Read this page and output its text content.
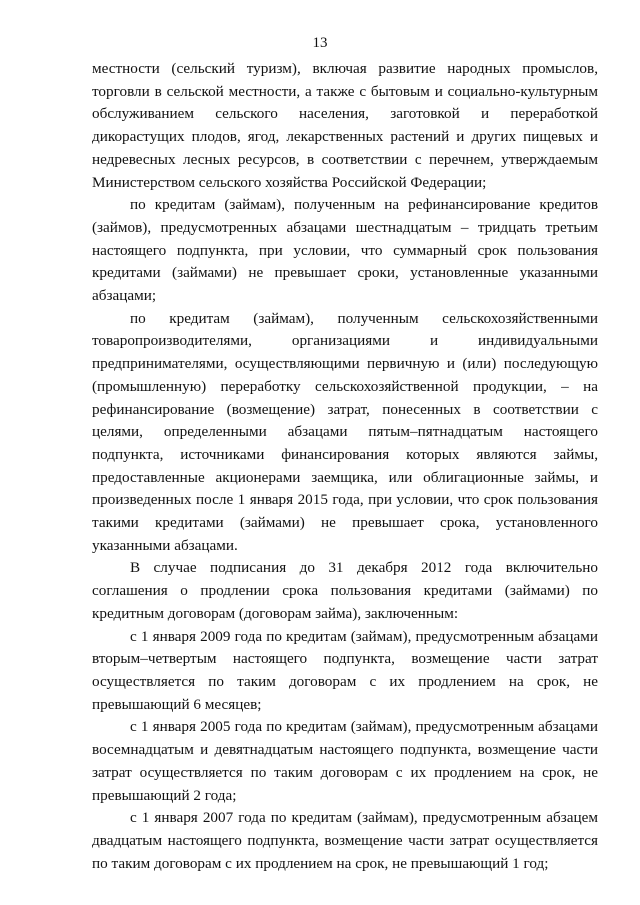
13

местности (сельский туризм), включая развитие народных промыслов, торговли в сельской местности, а также с бытовым и социально-культурным обслуживанием сельского населения, заготовкой и переработкой дикорастущих плодов, ягод, лекарственных растений и других пищевых и недревесных лесных ресурсов, в соответствии с перечнем, утверждаемым Министерством сельского хозяйства Российской Федерации;

по кредитам (займам), полученным на рефинансирование кредитов (займов), предусмотренных абзацами шестнадцатым – тридцать третьим настоящего подпункта, при условии, что суммарный срок пользования кредитами (займами) не превышает сроки, установленные указанными абзацами;

по кредитам (займам), полученным сельскохозяйственными товаропроизводителями, организациями и индивидуальными предпринимателями, осуществляющими первичную и (или) последующую (промышленную) переработку сельскохозяйственной продукции, – на рефинансирование (возмещение) затрат, понесенных в соответствии с целями, определенными абзацами пятым–пятнадцатым настоящего подпункта, источниками финансирования которых являются займы, предоставленные акционерами заемщика, или облигационные займы, и произведенных после 1 января 2015 года, при условии, что срок пользования такими кредитами (займами) не превышает срока, установленного указанными абзацами.

В случае подписания до 31 декабря 2012 года включительно соглашения о продлении срока пользования кредитами (займами) по кредитным договорам (договорам займа), заключенным:

с 1 января 2009 года по кредитам (займам), предусмотренным абзацами вторым–четвертым настоящего подпункта, возмещение части затрат осуществляется по таким договорам с их продлением на срок, не превышающий 6 месяцев;

с 1 января 2005 года по кредитам (займам), предусмотренным абзацами восемнадцатым и девятнадцатым настоящего подпункта, возмещение части затрат осуществляется по таким договорам с их продлением на срок, не превышающий 2 года;

с 1 января 2007 года по кредитам (займам), предусмотренным абзацем двадцатым настоящего подпункта, возмещение части затрат осуществляется по таким договорам с их продлением на срок, не превышающий 1 год;
